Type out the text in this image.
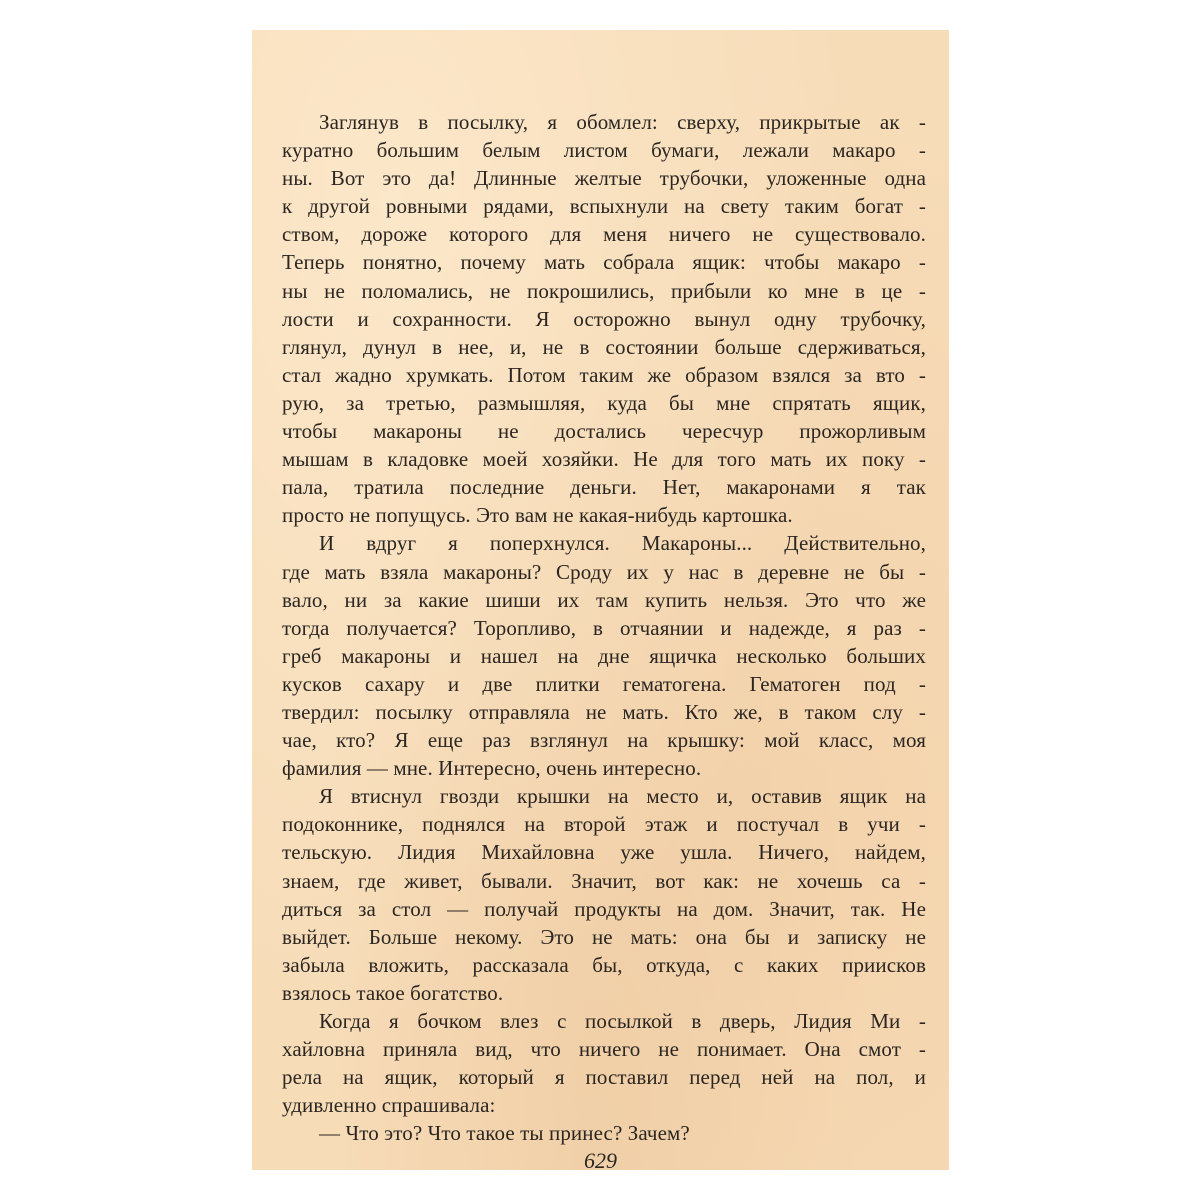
Заглянув в посылку, я обомлел: сверху, прикрытые ак -
куратно большим белым листом бумаги, лежали макаро -
ны. Вот это да! Длинные желтые трубочки, уложенные одна
к другой ровными рядами, вспыхнули на свету таким богат -
ством, дороже которого для меня ничего не существовало.
Теперь понятно, почему мать собрала ящик: чтобы макаро -
ны не поломались, не покрошились, прибыли ко мне в це -
лости и сохранности. Я осторожно вынул одну трубочку,
глянул, дунул в нее, и, не в состоянии больше сдерживаться,
стал жадно хрумкать. Потом таким же образом взялся за вто -
рую, за третью, размышляя, куда бы мне спрятать ящик,
чтобы макароны не достались чересчур прожорливым
мышам в кладовке моей хозяйки. Не для того мать их поку -
пала, тратила последние деньги. Нет, макаронами я так
просто не попущусь. Это вам не какая-нибудь картошка.
И вдруг я поперхнулся. Макароны... Действительно,
где мать взяла макароны? Сроду их у нас в деревне не бы -
вало, ни за какие шиши их там купить нельзя. Это что же
тогда получается? Торопливо, в отчаянии и надежде, я раз -
греб макароны и нашел на дне ящичка несколько больших
кусков сахару и две плитки гематогена. Гематоген под -
твердил: посылку отправляла не мать. Кто же, в таком слу -
чае, кто? Я еще раз взглянул на крышку: мой класс, моя
фамилия — мне. Интересно, очень интересно.
Я втиснул гвозди крышки на место и, оставив ящик на
подоконнике, поднялся на второй этаж и постучал в учи -
тельскую. Лидия Михайловна уже ушла. Ничего, найдем,
знаем, где живет, бывали. Значит, вот как: не хочешь са -
диться за стол — получай продукты на дом. Значит, так. Не
выйдет. Больше некому. Это не мать: она бы и записку не
забыла вложить, рассказала бы, откуда, с каких приисков
взялось такое богатство.
Когда я бочком влез с посылкой в дверь, Лидия Ми -
хайловна приняла вид, что ничего не понимает. Она смот -
рела на ящик, который я поставил перед ней на пол, и
удивленно спрашивала:
— Что это? Что такое ты принес? Зачем?
629
